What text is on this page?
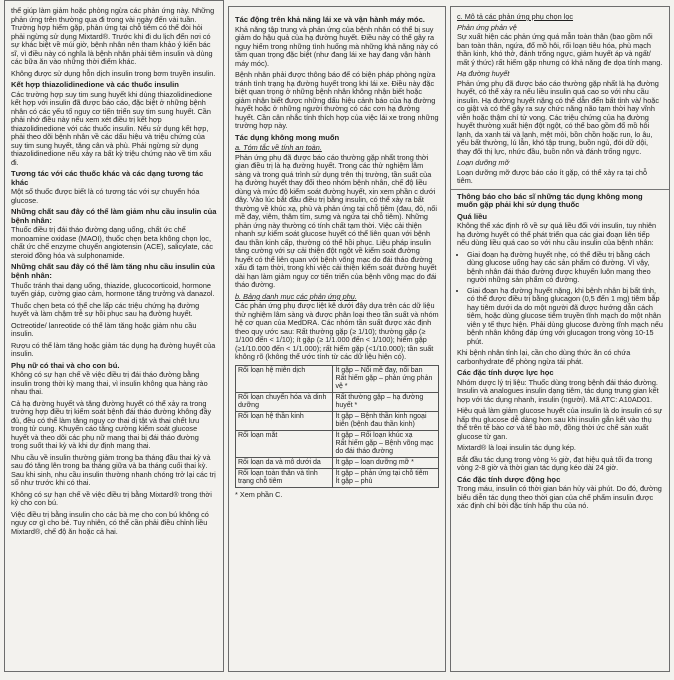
thể giúp làm giảm hoặc phòng ngừa các phản ứng này. Những phản ứng trên thường qua đi trong vài ngày đến vài tuần. Trường hợp hiếm gặp, phản ứng tại chỗ tiêm có thể đòi hỏi phải ngừng sử dụng Mixtard®. Trước khi đi du lịch đến nơi có sự khác biệt về múi giờ, bệnh nhân nên tham khảo ý kiến bác sĩ, vì điều này có nghĩa là bệnh nhân phải tiêm insulin và dùng các bữa ăn vào những thời điểm khác.

Không được sử dụng hỗn dịch insulin trong bơm truyền insulin.

Kết hợp thiazolidinedione và các thuốc insulin

Các trường hợp suy tim sung huyết khi dùng thiazolidinedione kết hợp với insulin đã được báo cáo, đặc biệt ở những bệnh nhân có các yếu tố nguy cơ tiến triển suy tim sung huyết. Cần phải nhớ điều này nếu xem xét điều trị kết hợp thiazolidinedione với các thuốc insulin. Nếu sử dụng kết hợp, phải theo dõi bệnh nhân về các dấu hiệu và triệu chứng của suy tim sung huyết, tăng cân và phù. Phải ngừng sử dụng thiazolidinedione nếu xảy ra bất kỳ triệu chứng nào về tim xấu đi.

Tương tác với các thuốc khác và các dạng tương tác khác

Một số thuốc được biết là có tương tác với sự chuyển hóa glucose.

Những chất sau đây có thể làm giảm nhu cầu insulin của bệnh nhân:

Thuốc điều trị đái tháo đường dạng uống, chất ức chế monoamine oxidase (MAOI), thuốc chẹn beta không chọn lọc, chất ức chế enzyme chuyển angiotensin (ACE), salicylate, các steroid đồng hóa và sulphonamide.

Những chất sau đây có thể làm tăng nhu cầu insulin của bệnh nhân:

Thuốc tránh thai dạng uống, thiazide, glucocorticoid, hormone tuyến giáp, cường giao cảm, hormone tăng trưởng và danazol.

Thuốc chẹn beta có thể che lấp các triệu chứng hạ đường huyết và làm chậm trễ sự hồi phục sau hạ đường huyết.

Octreotide/ lanreotide có thể làm tăng hoặc giảm nhu cầu insulin.

Rượu có thể làm tăng hoặc giảm tác dụng hạ đường huyết của insulin.

Phụ nữ có thai và cho con bú.

Không có sự hạn chế về việc điều trị đái tháo đường bằng insulin trong thời kỳ mang thai, vì insulin không qua hàng rào nhau thai.

Cả hạ đường huyết và tăng đường huyết có thể xảy ra trong trường hợp điều trị kiểm soát bệnh đái tháo đường không đầy đủ, đều có thể làm tăng nguy cơ thai dị tật và thai chết lưu trong tử cung. Khuyến cáo tăng cường kiểm soát glucose huyết và theo dõi các phụ nữ mang thai bị đái tháo đường trong suốt thai kỳ và khi dự định mang thai.

Nhu cầu về insulin thường giảm trong ba tháng đầu thai kỳ và sau đó tăng lên trong ba tháng giữa và ba tháng cuối thai kỳ. Sau khi sinh, nhu cầu insulin thường nhanh chóng trở lại các trị số như trước khi có thai.

Không có sự hạn chế về việc điều trị bằng Mixtard® trong thời kỳ cho con bú.

Việc điều trị bằng insulin cho các bà mẹ cho con bú không có nguy cơ gì cho bé. Tuy nhiên, có thể cần phải điều chỉnh liều Mixtard®, chế độ ăn hoặc cả hai.

Tác động trên khả năng lái xe và vận hành máy móc.

Khả năng tập trung và phản ứng của bệnh nhân có thể bị suy giảm do hậu quả của hạ đường huyết. Điều này có thể gây ra nguy hiểm trong những tình huống mà những khả năng này có tầm quan trọng đặc biệt (như đang lái xe hay đang vận hành máy móc).

Bệnh nhân phải được thông báo để có biện pháp phòng ngừa tránh tình trạng hạ đường huyết trong khi lái xe. Điều này đặc biệt quan trọng ở những bệnh nhân không nhận biết hoặc giảm nhận biết được những dấu hiệu cảnh báo của hạ đường huyết hoặc ở những người thường có các cơn hạ đường huyết. Cần cân nhắc tính thích hợp của việc lái xe trong những trường hợp này.

Tác dụng không mong muốn
a. Tóm tắc về tính an toàn.

Phản ứng phụ đã được báo cáo thường gặp nhất trong thời gian điều trị là hạ đường huyết. Trong các thử nghiệm lâm sàng và trong quá trình sử dụng trên thị trường, tần suất của hạ đường huyết thay đổi theo nhóm bệnh nhân, chế độ liều dùng và mức độ kiểm soát đường huyết, xin xem phần c dưới đây. Vào lúc bắt đầu điều trị bằng insulin, có thể xảy ra bất thường về khúc xạ, phù và phản ứng tại chỗ tiêm (đau, đỏ, nổi mề đay, viêm, thâm tím, sưng và ngứa tại chỗ tiêm). Những phản ứng này thường có tính chất tạm thời. Việc cải thiện nhanh sự kiểm soát glucose huyết có thể liên quan với bệnh đau thần kinh cấp, thường có thể hồi phục. Liệu pháp insulin tăng cường với sự cải thiện đột ngột về kiểm soát đường huyết có thể liên quan với bệnh võng mạc do đái tháo đường xấu đi tạm thời, trong khi việc cải thiện kiểm soát đường huyết dài hạn làm giảm nguy cơ tiến triển của bệnh võng mạc do đái tháo đường.

b. Bảng danh mục các phản ứng phụ.

Các phản ứng phụ được liệt kê dưới đây dựa trên các dữ liệu thử nghiệm lâm sàng và được phân loại theo tần suất và nhóm hệ cơ quan của MedDRA. Các nhóm tần suất được xác định theo quy ước sau: Rất thường gặp (≥ 1/10); thường gặp (≥ 1/100 đến < 1/10); ít gặp (≥ 1/1.000 đến < 1/100); hiếm gặp (≥1/10.000 đến < 1/1.000); rất hiếm gặp (<1/10.000); tần suất không rõ (không thể ước tính từ các dữ liệu hiện có).

Rối loạn hệ miễn dịch	Ít gặp – Nổi mề đay, nổi ban
Rất hiếm gặp – phản ứng phản vệ *

Rối loạn chuyển hóa và dinh dưỡng	Rất thường gặp – hạ đường huyết *

Rối loạn hệ thần kinh	Ít gặp – Bệnh thần kinh ngoại biên (bệnh đau thần kinh)

Rối loạn mắt	Ít gặp – Rối loạn khúc xạ
Rất hiếm gặp – Bệnh võng mạc do đái tháo đường

Rối loạn da và mô dưới da	Ít gặp – loạn dưỡng mỡ *

Rối loạn toàn thân và tình trạng chỗ tiêm	Ít gặp – phản ứng tại chỗ tiêm
Ít gặp – phù

* Xem phần C.

c. Mô tả các phản ứng phụ chọn lọc
Phản ứng phản vệ

Sự xuất hiện các phản ứng quá mẫn toàn thân (bao gồm nổi ban toàn thân, ngứa, đổ mồ hôi, rối loạn tiêu hóa, phù mạch thần kinh, khó thở, đánh trống ngực, giảm huyết áp và ngất/ mất ý thức) rất hiếm gặp nhưng có khả năng đe dọa tính mạng.

Hạ đường huyết

Phản ứng phụ đã được báo cáo thường gặp nhất là hạ đường huyết, có thể xảy ra nếu liều insulin quá cao so với nhu cầu insulin. Hạ đường huyết nặng có thể dẫn đến bất tỉnh và/ hoặc co giật và có thể gây ra suy chức năng não tạm thời hay vĩnh viễn hoặc thậm chí tử vong. Các triệu chứng của hạ đường huyết thường xuất hiện đột ngột, có thể bao gồm đổ mồ hôi lạnh, da xanh tái và lạnh, mệt mỏi, bồn chồn hoặc run, lo âu, yếu bất thường, lú lẫn, khó tập trung, buồn ngủ, đói dữ dội, thay đổi thị lực, nhức đầu, buồn nôn và đánh trống ngực.

Loạn dưỡng mỡ

Loạn dưỡng mỡ được báo cáo ít gặp, có thể xảy ra tại chỗ tiêm.

Thông báo cho bác sĩ những tác dụng không mong muốn gặp phải khi sử dụng thuốc
Quá liều

Không thể xác định rõ về sự quá liều đối với insulin, tuy nhiên hạ đường huyết có thể phát triển qua các giai đoạn liên tiếp nếu dùng liều quá cao so với nhu cầu insulin của bệnh nhân:

• Giai đoạn hạ đường huyết nhẹ, có thể điều trị bằng cách dùng glucose uống hay các sản phẩm có đường. Vì vậy, bệnh nhân đái tháo đường được khuyến luôn mang theo người những sản phẩm có đường.
• Giai đoạn hạ đường huyết nặng, khi bệnh nhân bị bất tỉnh, có thể được điều trị bằng glucagon (0,5 đến 1 mg) tiêm bắp hay tiêm dưới da do một người đã được hướng dẫn cách tiêm, hoặc dùng glucose tiêm truyền tĩnh mạch do một nhân viên y tế thực hiện. Phải dùng glucose đường tĩnh mạch nếu bệnh nhân không đáp ứng với glucagon trong vòng 10-15 phút.

Khi bệnh nhân tỉnh lại, cần cho dùng thức ăn có chứa carbonhydrate để phòng ngừa tái phát.

Các đặc tính dược lực học

Nhóm dược lý trị liệu: Thuốc dùng trong bệnh đái tháo đường. Insulin và analogues insulin dạng tiêm, tác dụng trung gian kết hợp với tác dụng nhanh, insulin (người). Mã ATC: A10AD01.

Hiệu quả làm giảm glucose huyết của insulin là do insulin có sự hấp thu glucose dễ dàng hơn sau khi insulin gắn kết vào thụ thể trên tế bào cơ và tế bào mỡ, đồng thời ức chế sản xuất glucose từ gan.

Mixtard® là loại insulin tác dụng kép.

Bắt đầu tác dụng trong vòng ½ giờ, đạt hiệu quả tối đa trong vòng 2-8 giờ và thời gian tác dụng kéo dài 24 giờ.

Các đặc tính dược động học

Trong máu, insulin có thời gian bán hủy vài phút. Do đó, đường biểu diễn tác dụng theo thời gian của chế phẩm insulin được xác định chỉ bởi đặc tính hấp thu của nó.
